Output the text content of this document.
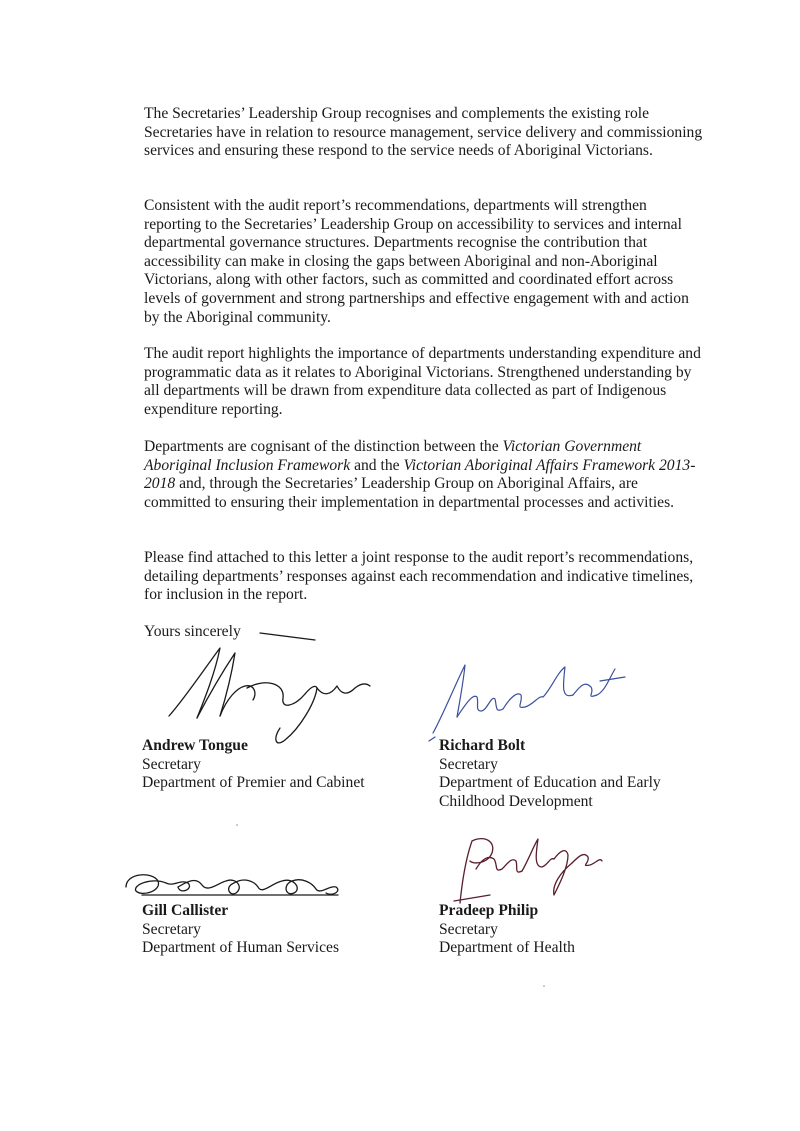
The Secretaries’ Leadership Group recognises and complements the existing role Secretaries have in relation to resource management, service delivery and commissioning services and ensuring these respond to the service needs of Aboriginal Victorians.

Consistent with the audit report’s recommendations, departments will strengthen reporting to the Secretaries’ Leadership Group on accessibility to services and internal departmental governance structures. Departments recognise the contribution that accessibility can make in closing the gaps between Aboriginal and non-Aboriginal Victorians, along with other factors, such as committed and coordinated effort across levels of government and strong partnerships and effective engagement with and action by the Aboriginal community.

The audit report highlights the importance of departments understanding expenditure and programmatic data as it relates to Aboriginal Victorians. Strengthened understanding by all departments will be drawn from expenditure data collected as part of Indigenous expenditure reporting.

Departments are cognisant of the distinction between the Victorian Government Aboriginal Inclusion Framework and the Victorian Aboriginal Affairs Framework 2013-2018 and, through the Secretaries’ Leadership Group on Aboriginal Affairs, are committed to ensuring their implementation in departmental processes and activities.

Please find attached to this letter a joint response to the audit report’s recommendations, detailing departments’ responses against each recommendation and indicative timelines, for inclusion in the report.

Yours sincerely

Andrew Tongue
Secretary
Department of Premier and Cabinet
Richard Bolt
Secretary
Department of Education and Early
Childhood Development
Gill Callister
Secretary
Department of Human Services
Pradeep Philip
Secretary
Department of Health
